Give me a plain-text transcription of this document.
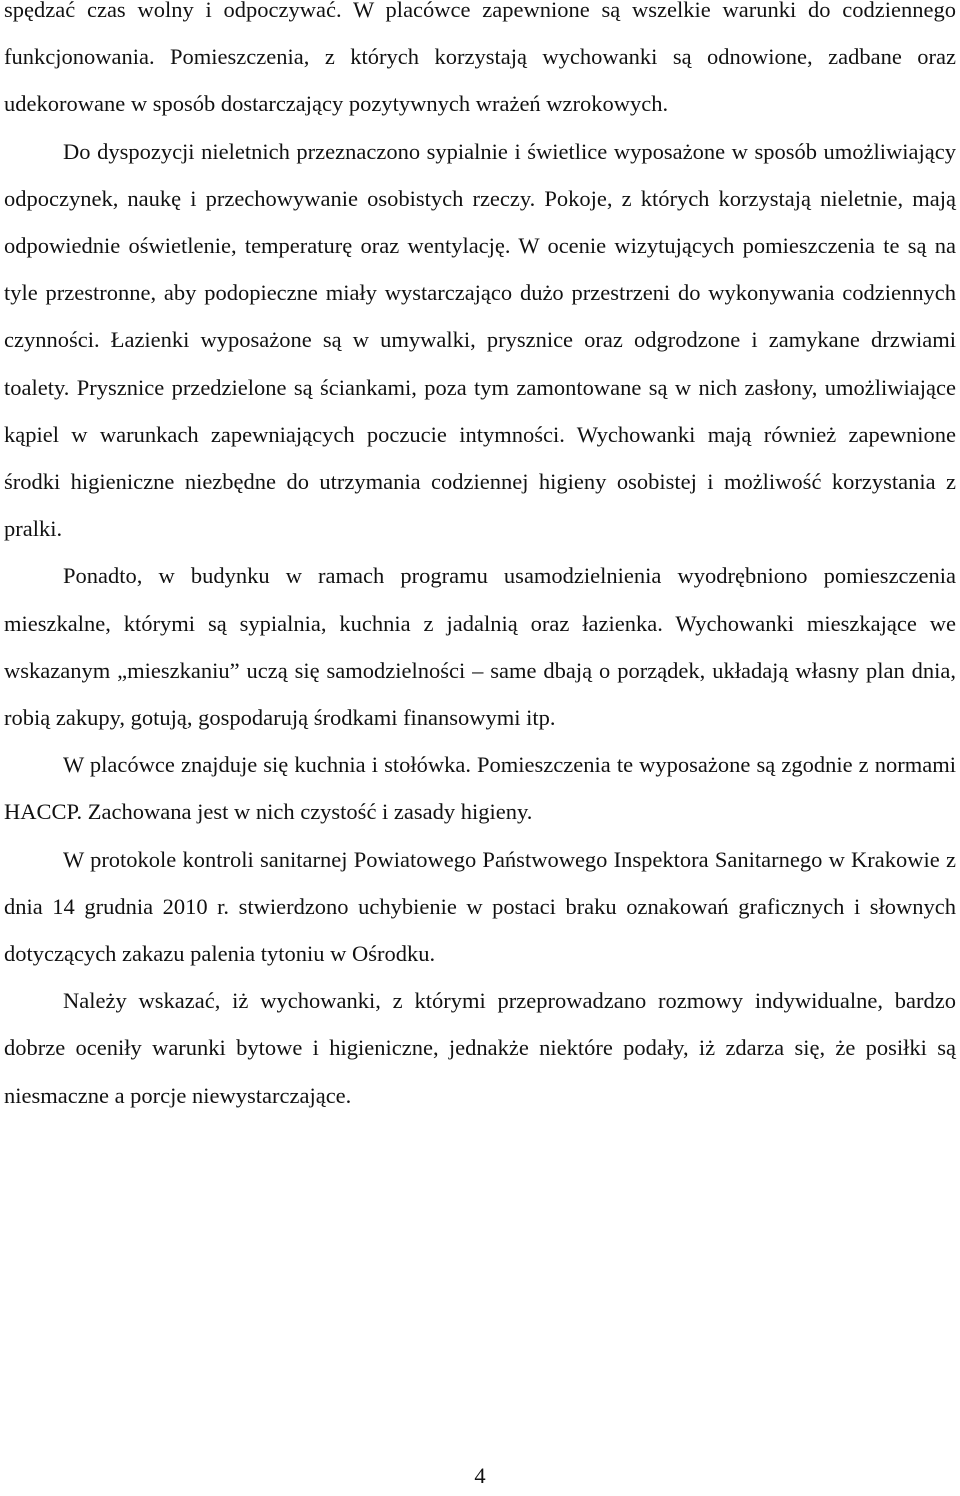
spędzać czas wolny i odpoczywać. W placówce zapewnione są wszelkie warunki do codziennego funkcjonowania. Pomieszczenia, z których korzystają wychowanki są odnowione, zadbane oraz udekorowane w sposób dostarczający pozytywnych wrażeń wzrokowych.

Do dyspozycji nieletnich przeznaczono sypialnie i świetlice wyposażone w sposób umożliwiający odpoczynek, naukę i przechowywanie osobistych rzeczy. Pokoje, z których korzystają nieletnie, mają odpowiednie oświetlenie, temperaturę oraz wentylację. W ocenie wizytujących pomieszczenia te są na tyle przestronne, aby podopieczne miały wystarczająco dużo przestrzeni do wykonywania codziennych czynności. Łazienki wyposażone są w umywalki, prysznice oraz odgrodzone i zamykane drzwiami toalety. Prysznice przedzielone są ściankami, poza tym zamontowane są w nich zasłony, umożliwiające kąpiel w warunkach zapewniających poczucie intymności. Wychowanki mają również zapewnione środki higieniczne niezbędne do utrzymania codziennej higieny osobistej i możliwość korzystania z pralki.

Ponadto, w budynku w ramach programu usamodzielnienia wyodrębniono pomieszczenia mieszkalne, którymi są sypialnia, kuchnia z jadalnią oraz łazienka. Wychowanki mieszkające we wskazanym „mieszkaniu” uczą się samodzielności – same dbają o porządek, układają własny plan dnia, robią zakupy, gotują, gospodarują środkami finansowymi itp.

W placówce znajduje się kuchnia i stołówka. Pomieszczenia te wyposażone są zgodnie z normami HACCP. Zachowana jest w nich czystość i zasady higieny.

W protokole kontroli sanitarnej Powiatowego Państwowego Inspektora Sanitarnego w Krakowie z dnia 14 grudnia 2010 r. stwierdzono uchybienie w postaci braku oznakowań graficznych i słownych dotyczących zakazu palenia tytoniu w Ośrodku.

Należy wskazać, iż wychowanki, z którymi przeprowadzano rozmowy indywidualne, bardzo dobrze oceniły warunki bytowe i higieniczne, jednakże niektóre podały, iż zdarza się, że posiłki są niesmaczne a porcje niewystarczające.

4
